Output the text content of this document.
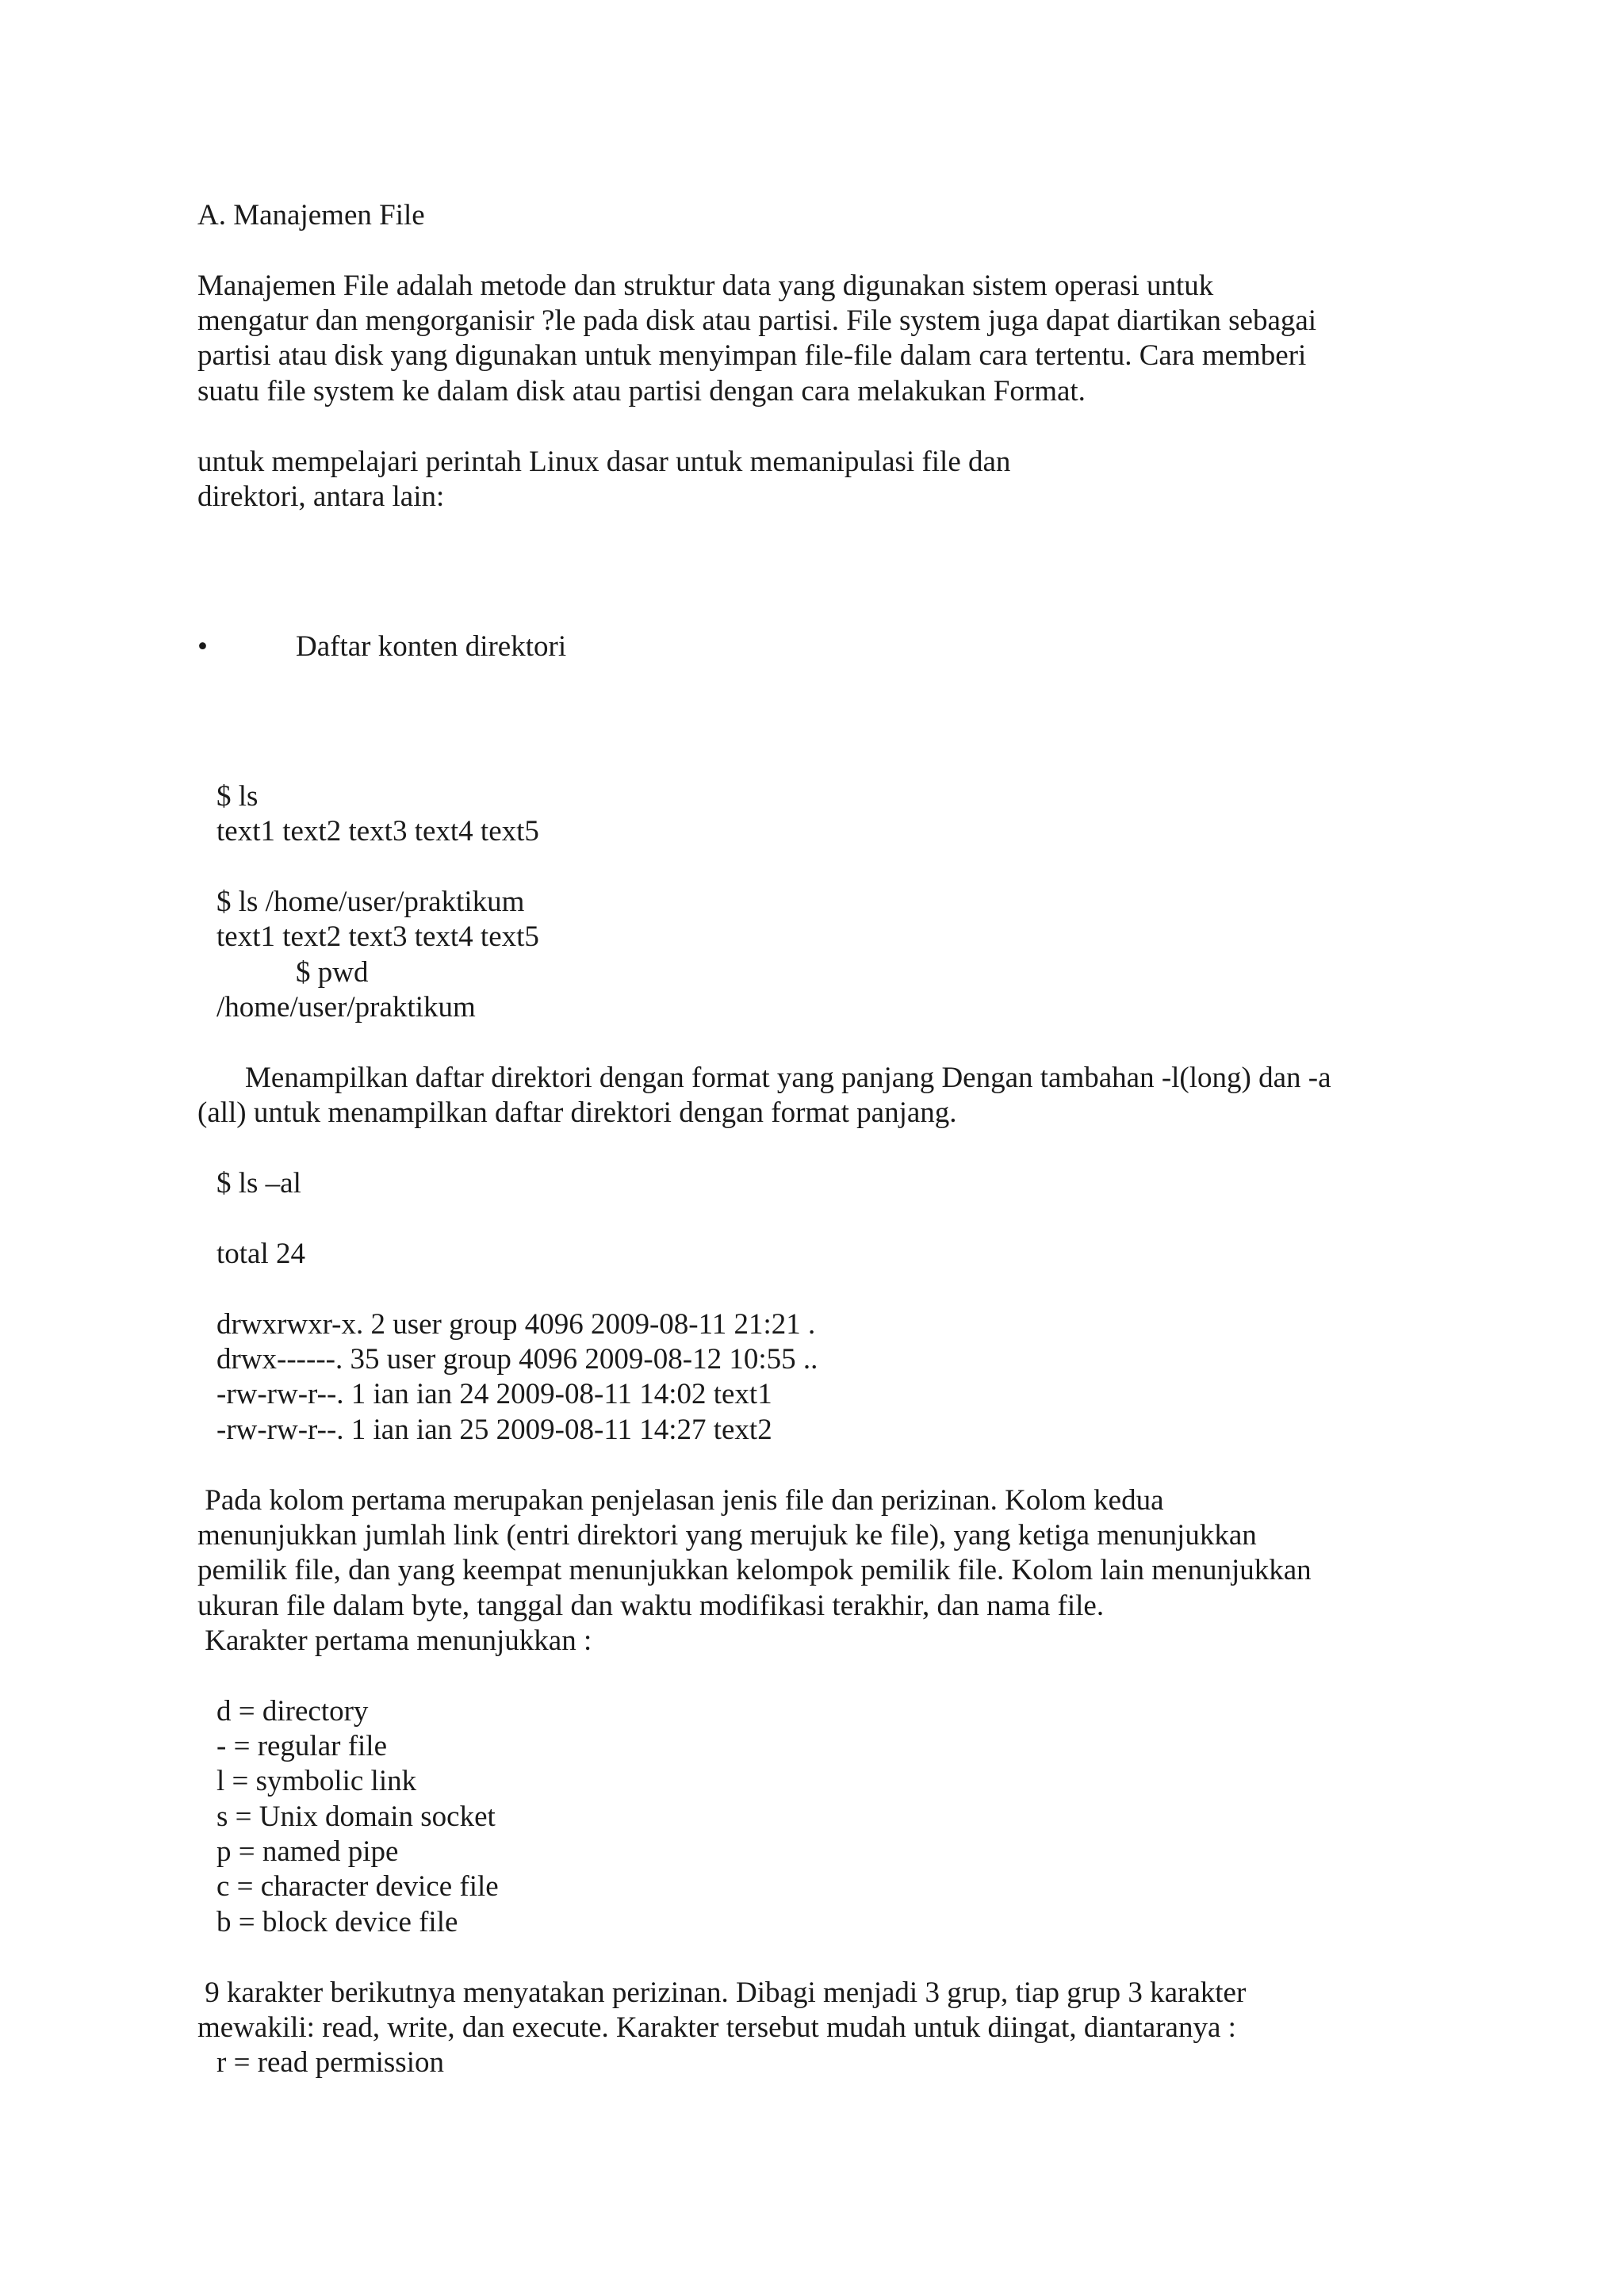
A. Manajemen File

Manajemen File adalah metode dan struktur data yang digunakan sistem operasi untuk

mengatur dan mengorganisir ?le pada disk atau partisi. File system juga dapat diartikan sebagai

partisi atau disk yang digunakan untuk menyimpan file-file dalam cara tertentu. Cara memberi

suatu file system ke dalam disk atau partisi dengan cara melakukan Format.

untuk mempelajari perintah Linux dasar untuk memanipulasi file dan

direktori, antara lain:

•	Daftar konten direktori

$ ls

text1 text2 text3 text4 text5

$ ls /home/user/praktikum

text1 text2 text3 text4 text5

$ pwd

/home/user/praktikum

Menampilkan daftar direktori dengan format yang panjang Dengan tambahan -l(long) dan -a

(all) untuk menampilkan daftar direktori dengan format panjang.

$ ls –al

total 24

drwxrwxr-x. 2 user group 4096 2009-08-11 21:21 .

drwx------. 35 user group 4096 2009-08-12 10:55 ..

-rw-rw-r--. 1 ian ian 24 2009-08-11 14:02 text1

-rw-rw-r--. 1 ian ian 25 2009-08-11 14:27 text2

Pada kolom pertama merupakan penjelasan jenis file dan perizinan. Kolom kedua

menunjukkan jumlah link (entri direktori yang merujuk ke file), yang ketiga menunjukkan

pemilik file, dan yang keempat menunjukkan kelompok pemilik file. Kolom lain menunjukkan

ukuran file dalam byte, tanggal dan waktu modifikasi terakhir, dan nama file.

Karakter pertama menunjukkan :

d = directory

- = regular file

l = symbolic link

s = Unix domain socket

p = named pipe

c = character device file

b = block device file

9 karakter berikutnya menyatakan perizinan. Dibagi menjadi 3 grup, tiap grup 3 karakter

mewakili: read, write, dan execute. Karakter tersebut mudah untuk diingat, diantaranya :

r = read permission
